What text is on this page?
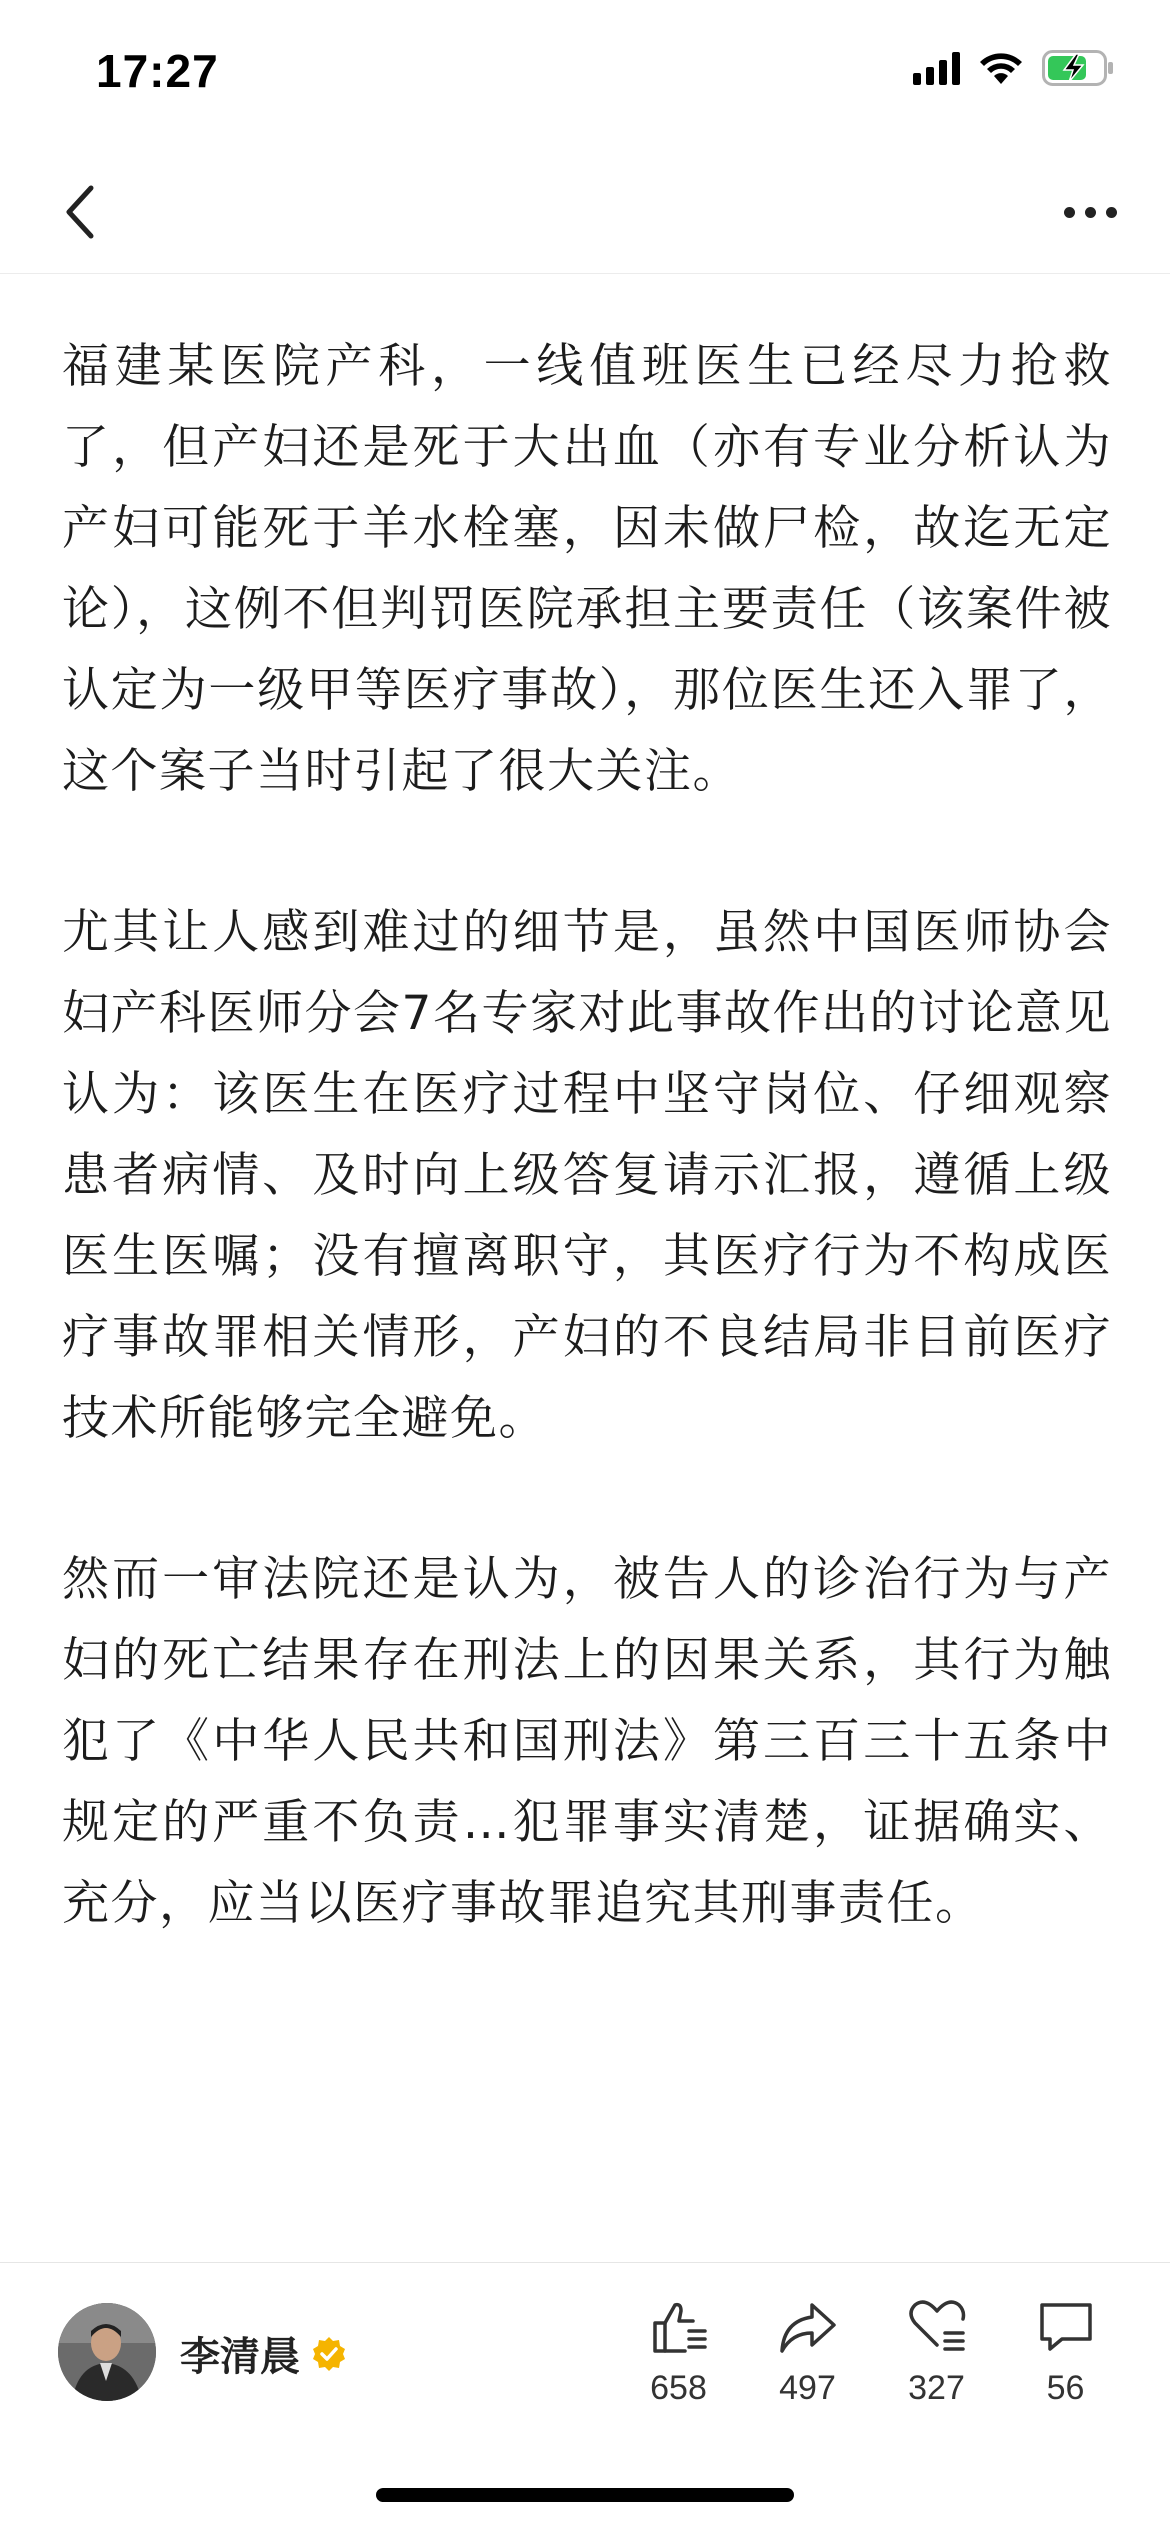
17:27

福建某医院产科，一线值班医生已经尽力抢救了，但产妇还是死于大出血（亦有专业分析认为产妇可能死于羊水栓塞，因未做尸检，故迄无定论），这例不但判罚医院承担主要责任（该案件被认定为一级甲等医疗事故），那位医生还入罪了，这个案子当时引起了很大关注。

尤其让人感到难过的细节是，虽然中国医师协会妇产科医师分会7名专家对此事故作出的讨论意见认为：该医生在医疗过程中坚守岗位、仔细观察患者病情、及时向上级答复请示汇报，遵循上级医生医嘱；没有擅离职守，其医疗行为不构成医疗事故罪相关情形，产妇的不良结局非目前医疗技术所能够完全避免。

然而一审法院还是认为，被告人的诊治行为与产妇的死亡结果存在刑法上的因果关系，其行为触犯了《中华人民共和国刑法》第三百三十五条中规定的严重不负责…犯罪事实清楚，证据确实、充分，应当以医疗事故罪追究其刑事责任。

李清晨
658 497 327 56
